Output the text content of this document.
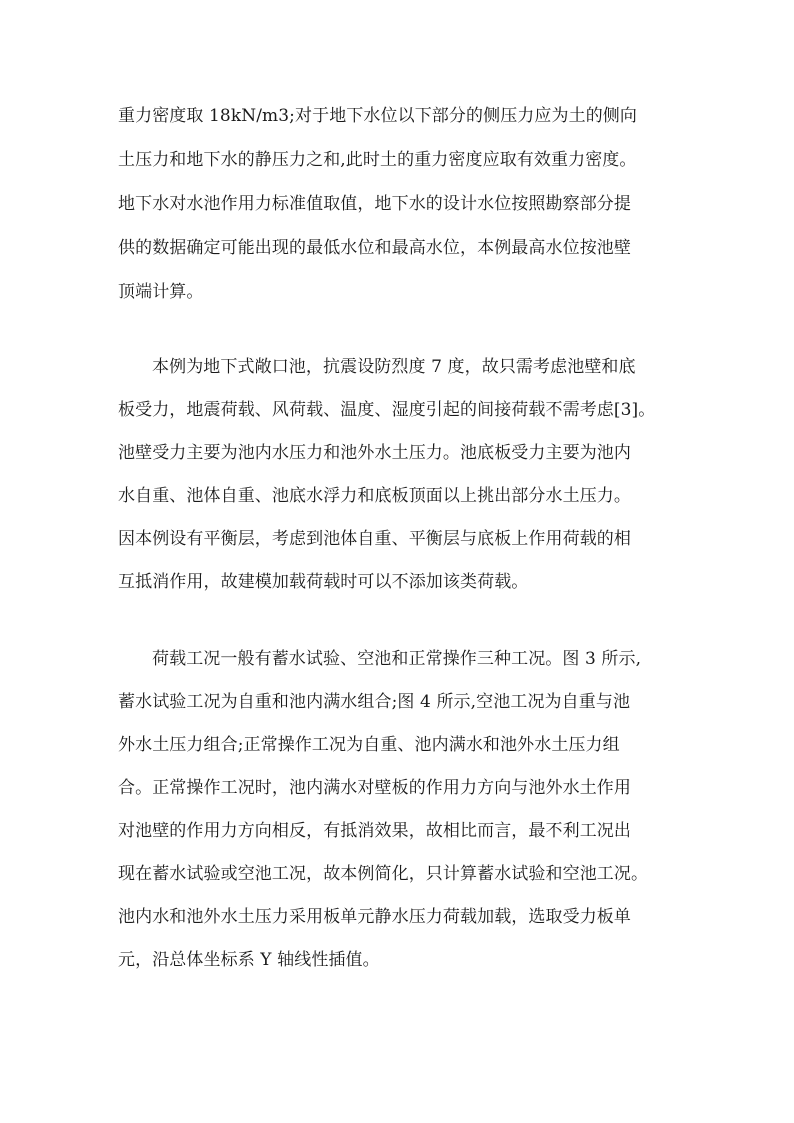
重力密度取 18kN/m3;对于地下水位以下部分的侧压力应为土的侧向
土压力和地下水的静压力之和,此时土的重力密度应取有效重力密度。
地下水对水池作用力标准值取值，地下水的设计水位按照勘察部分提
供的数据确定可能出现的最低水位和最高水位，本例最高水位按池壁
顶端计算。
本例为地下式敞口池，抗震设防烈度 7 度，故只需考虑池壁和底
板受力，地震荷载、风荷载、温度、湿度引起的间接荷载不需考虑[3]。
池壁受力主要为池内水压力和池外水土压力。池底板受力主要为池内
水自重、池体自重、池底水浮力和底板顶面以上挑出部分水土压力。
因本例设有平衡层，考虑到池体自重、平衡层与底板上作用荷载的相
互抵消作用，故建模加载荷载时可以不添加该类荷载。
荷载工况一般有蓄水试验、空池和正常操作三种工况。图 3 所示,
蓄水试验工况为自重和池内满水组合;图 4 所示,空池工况为自重与池
外水土压力组合;正常操作工况为自重、池内满水和池外水土压力组
合。正常操作工况时，池内满水对壁板的作用力方向与池外水土作用
对池壁的作用力方向相反，有抵消效果，故相比而言，最不利工况出
现在蓄水试验或空池工况，故本例简化，只计算蓄水试验和空池工况。
池内水和池外水土压力采用板单元静水压力荷载加载，选取受力板单
元，沿总体坐标系 Y 轴线性插值。
